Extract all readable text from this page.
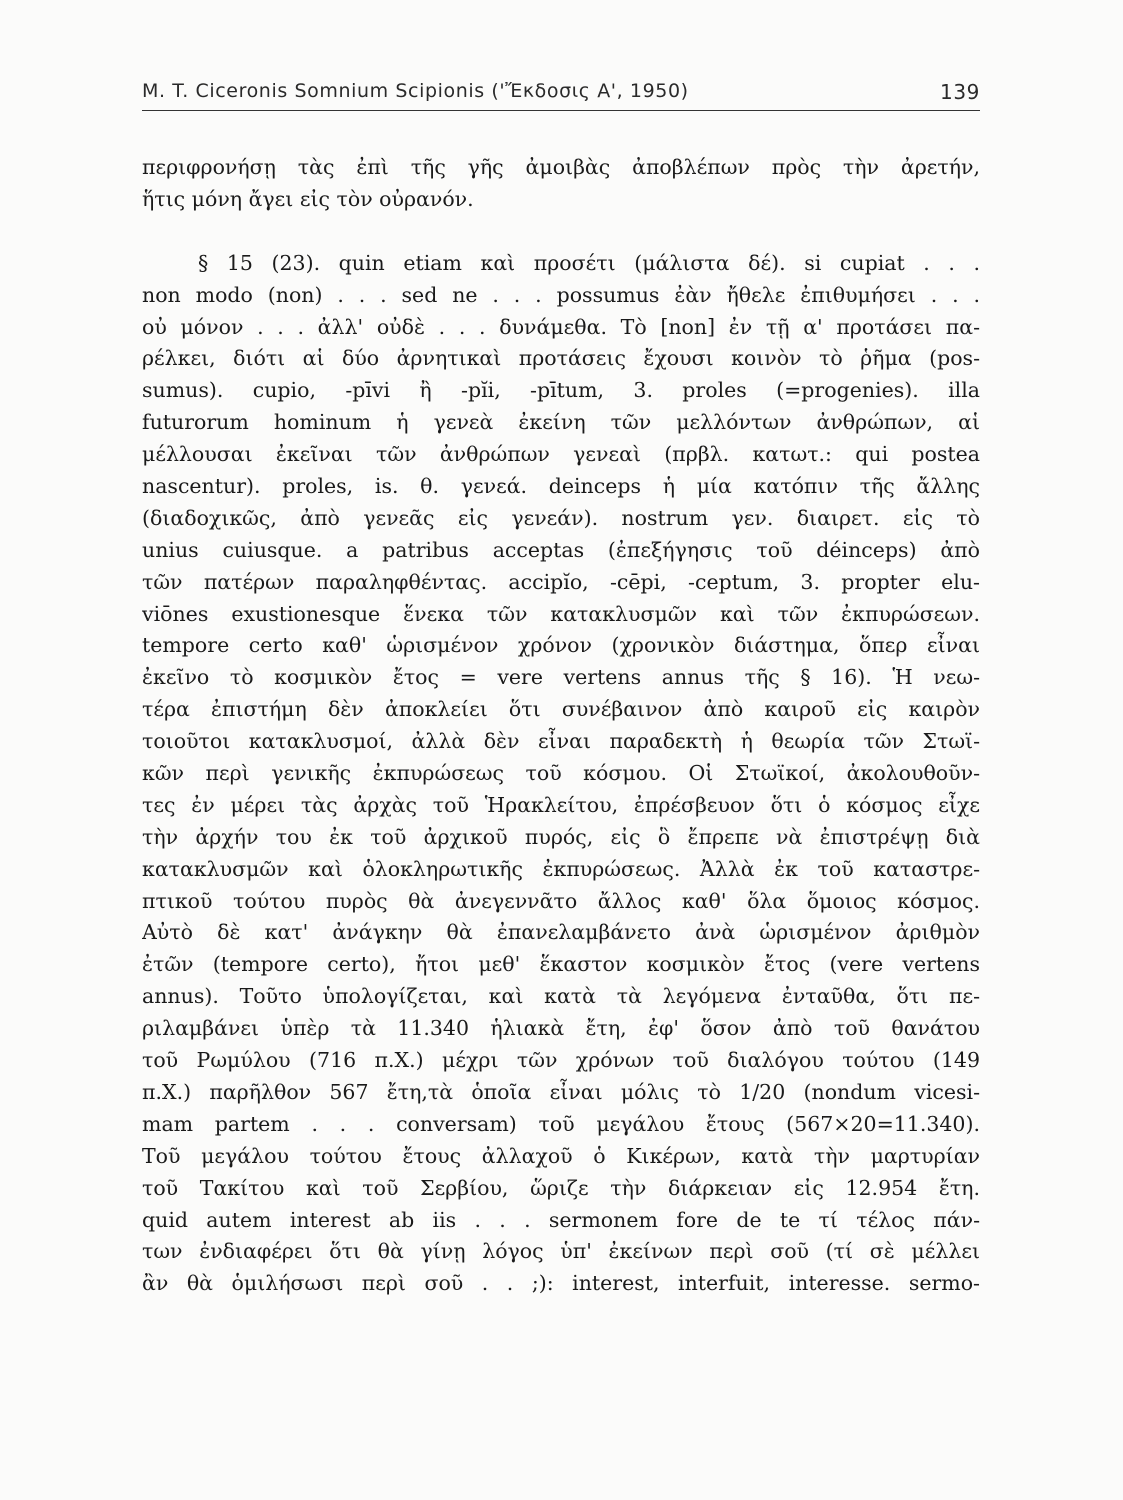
M. T. Ciceronis Somnium Scipionis ('Ἔκδοσις Α', 1950)	139
περιφρονήσῃ τὰς ἐπὶ τῆς γῆς ἀμοιβὰς ἀποβλέπων πρὸς τὴν ἀρετήν,
ἥτις μόνη ἄγει εἰς τὸν οὐρανόν.
§ 15 (23). quin etiam καὶ προσέτι (μάλιστα δέ). si cupiat . . .
non modo (non) . . . sed ne . . . possumus ἐὰν ἤθελε ἐπιθυμήσει . . .
οὐ μόνον . . . ἀλλ' οὐδὲ . . . δυνάμεθα. Τὸ [non] ἐν τῇ α' προτάσει πα-
ρέλκει, διότι αἱ δύο ἀρνητικαὶ προτάσεις ἔχουσι κοινὸν τὸ ῥῆμα (pos-
sumus). cupio, -pīvi ἢ -pĭi, -pītum, 3. proles (=progenies). illa
futurorum hominum ἡ γενεὰ ἐκείνη τῶν μελλόντων ἀνθρώπων, αἱ
μέλλουσαι ἐκεῖναι τῶν ἀνθρώπων γενεαὶ (πρβλ. κατωτ.: qui postea
nascentur). proles, is. θ. γενεά. deinceps ἡ μία κατόπιν τῆς ἄλλης
(διαδοχικῶς, ἀπὸ γενεᾶς εἰς γενεάν). nostrum γεν. διαιρετ. εἰς τὸ
unius cuiusque. a patribus acceptas (ἐπεξήγησις τοῦ déinceps) ἀπὸ
τῶν πατέρων παραληφθέντας. accipĭo, -cēpi, -ceptum, 3. propter elu-
viōnes exustionesque ἕνεκα τῶν κατακλυσμῶν καὶ τῶν ἐκπυρώσεων.
tempore certo καθ' ὡρισμένον χρόνον (χρονικὸν διάστημα, ὅπερ εἶναι
ἐκεῖνο τὸ κοσμικὸν ἔτος = vere vertens annus τῆς § 16). Ἡ νεω-
τέρα ἐπιστήμη δὲν ἀποκλείει ὅτι συνέβαινον ἀπὸ καιροῦ εἰς καιρὸν
τοιοῦτοι κατακλυσμοί, ἀλλὰ δὲν εἶναι παραδεκτὴ ἡ θεωρία τῶν Στωϊ-
κῶν περὶ γενικῆς ἐκπυρώσεως τοῦ κόσμου. Οἱ Στωϊκοί, ἀκολουθοῦν-
τες ἐν μέρει τὰς ἀρχὰς τοῦ Ἡρακλείτου, ἐπρέσβευον ὅτι ὁ κόσμος εἶχε
τὴν ἀρχήν του ἐκ τοῦ ἀρχικοῦ πυρός, εἰς ὃ ἔπρεπε νὰ ἐπιστρέψῃ διὰ
κατακλυσμῶν καὶ ὁλοκληρωτικῆς ἐκπυρώσεως. Ἀλλὰ ἐκ τοῦ καταστρε-
πτικοῦ τούτου πυρὸς θὰ ἀνεγεννᾶτο ἄλλος καθ' ὅλα ὅμοιος κόσμος.
Αὐτὸ δὲ κατ' ἀνάγκην θὰ ἐπανελαμβάνετο ἀνὰ ὡρισμένον ἀριθμὸν
ἐτῶν (tempore certo), ἤτοι μεθ' ἕκαστον κοσμικὸν ἔτος (vere vertens
annus). Τοῦτο ὑπολογίζεται, καὶ κατὰ τὰ λεγόμενα ἐνταῦθα, ὅτι πε-
ριλαμβάνει ὑπὲρ τὰ 11.340 ἡλιακὰ ἔτη, ἐφ' ὅσον ἀπὸ τοῦ θανάτου
τοῦ Ρωμύλου (716 π.Χ.) μέχρι τῶν χρόνων τοῦ διαλόγου τούτου (149
π.Χ.) παρῆλθον 567 ἔτη,τὰ ὁποῖα εἶναι μόλις τὸ 1/20 (nondum vicesi-
mam partem . . . conversam) τοῦ μεγάλου ἔτους (567×20=11.340).
Τοῦ μεγάλου τούτου ἔτους ἀλλαχοῦ ὁ Κικέρων, κατὰ τὴν μαρτυρίαν
τοῦ Τακίτου καὶ τοῦ Σερβίου, ὥριζε τὴν διάρκειαν εἰς 12.954 ἔτη.
quid autem interest ab iis . . . sermonem fore de te τί τέλος πάν-
των ἐνδιαφέρει ὅτι θὰ γίνῃ λόγος ὑπ' ἐκείνων περὶ σοῦ (τί σὲ μέλλει
ἂν θὰ ὁμιλήσωσι περὶ σοῦ . . ;): interest, interfuit, interesse. sermo-
